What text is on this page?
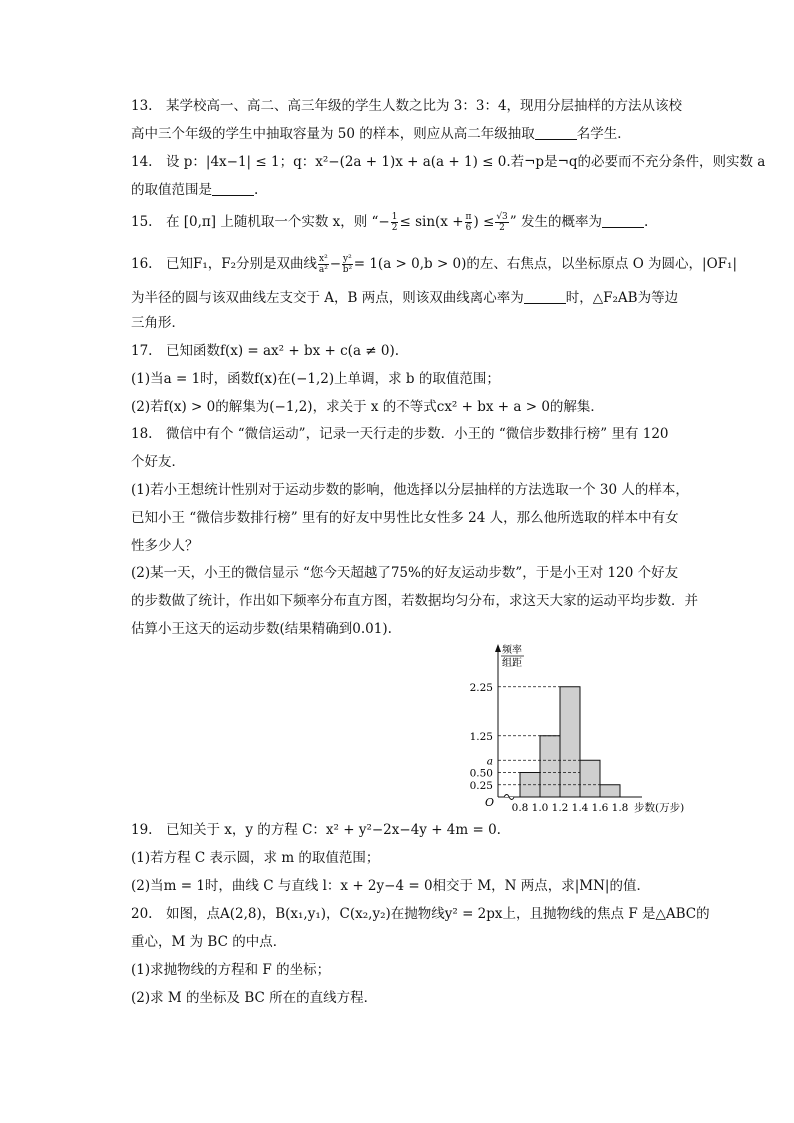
13.　某学校高一、高二、高三年级的学生人数之比为 3：3：4，现用分层抽样的方法从该校
高中三个年级的学生中抽取容量为 50 的样本，则应从高二年级抽取	名学生．
14.　设 p：|4x−1| ≤ 1；q：x²−(2a + 1)x + a(a + 1) ≤ 0.若¬p是¬q的必要而不充分条件，则实数 a
的取值范围是	.
15.　在 [0,π] 上随机取一个实数 x，则 “− $\frac{1}{2} \le \sin(x + \frac{\pi}{6}$ ) ≤ $\frac{√3}{2}$ ” 发生的概率为	.
16.　已知F₁，F₂分别是双曲线 $\frac{\text{x²}}{\text{a²}} - \frac{\text{y²}}{\text{b²}} = 1(a > 0,b > 0)$的左、右焦点，以坐标原点 O 为圆心，|OF₁|
为半径的圆与该双曲线左支交于 A，B 两点，则该双曲线离心率为	时，△F₂AB为等边
三角形．
17.　已知函数f(x) = ax² + bx + c(a ≠ 0).
(1)当a = 1时，函数f(x)在(−1,2)上单调，求 b 的取值范围；
(2)若f(x) > 0的解集为(−1,2)，求关于 x 的不等式cx² + bx + a > 0的解集．
18.　微信中有个 “微信运动”，记录一天行走的步数．小王的 “微信步数排行榜” 里有 120
个好友．
(1)若小王想统计性别对于运动步数的影响，他选择以分层抽样的方法选取一个 30 人的样本，
已知小王 “微信步数排行榜” 里有的好友中男性比女性多 24 人，那么他所选取的样本中有女
性多少人？
(2)某一天，小王的微信显示 “您今天超越了75%的好友运动步数”，于是小王对 120 个好友
的步数做了统计，作出如下频率分布直方图，若数据均匀分布，求这天大家的运动平均步数．并
估算小王这天的运动步数(结果精确到0.01).
频率
组距
0.50
1.25
2.25
a
0.25
O 0.8 1.0 1.2 1.4 1.6 1.8 步数(万步)
19.　已知关于 x，y 的方程 C：x² + y²−2x−4y + 4m = 0.
(1)若方程 C 表示圆，求 m 的取值范围；
(2)当m = 1时，曲线 C 与直线 l：x + 2y−4 = 0相交于 M，N 两点，求|MN|的值．
20.　如图，点A(2,8)，B(x₁,y₁)，C(x₂,y₂)在抛物线y² = 2px上，且抛物线的焦点 F 是△ABC的
重心，M 为 BC 的中点．
(1)求抛物线的方程和 F 的坐标；
(2)求 M 的坐标及 BC 所在的直线方程．
